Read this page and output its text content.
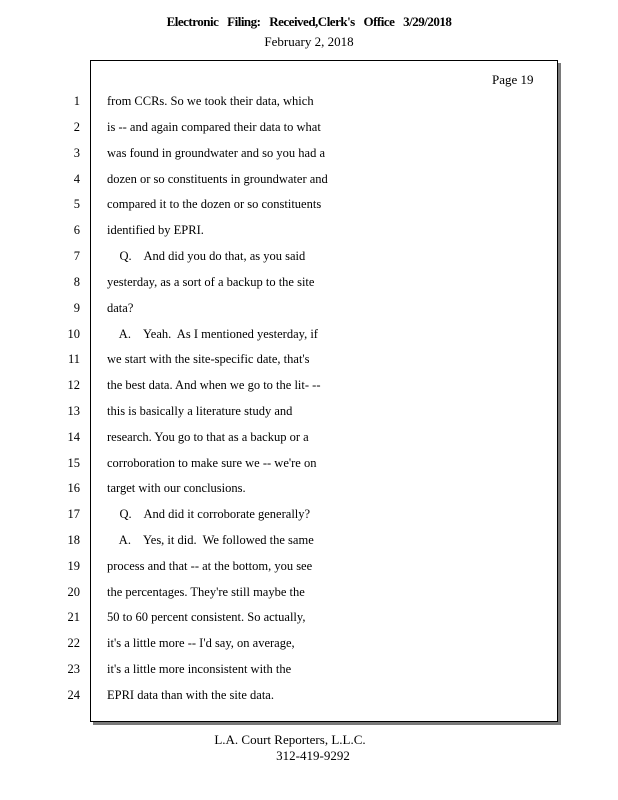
Electronic Filing: Received,Clerk's Office 3/29/2018
February 2, 2018
Page 19
1 from CCRs. So we took their data, which
2 is -- and again compared their data to what
3 was found in groundwater and so you had a
4 dozen or so constituents in groundwater and
5 compared it to the dozen or so constituents
6 identified by EPRI.
7 Q.    And did you do that, as you said
8 yesterday, as a sort of a backup to the site
9 data?
10 A.    Yeah.  As I mentioned yesterday, if
11 we start with the site-specific date, that's
12 the best data. And when we go to the lit- --
13 this is basically a literature study and
14 research. You go to that as a backup or a
15 corroboration to make sure we -- we're on
16 target with our conclusions.
17 Q.    And did it corroborate generally?
18 A.    Yes, it did.  We followed the same
19 process and that -- at the bottom, you see
20 the percentages. They're still maybe the
21 50 to 60 percent consistent. So actually,
22 it's a little more -- I'd say, on average,
23 it's a little more inconsistent with the
24 EPRI data than with the site data.
L.A. Court Reporters, L.L.C.
312-419-9292
